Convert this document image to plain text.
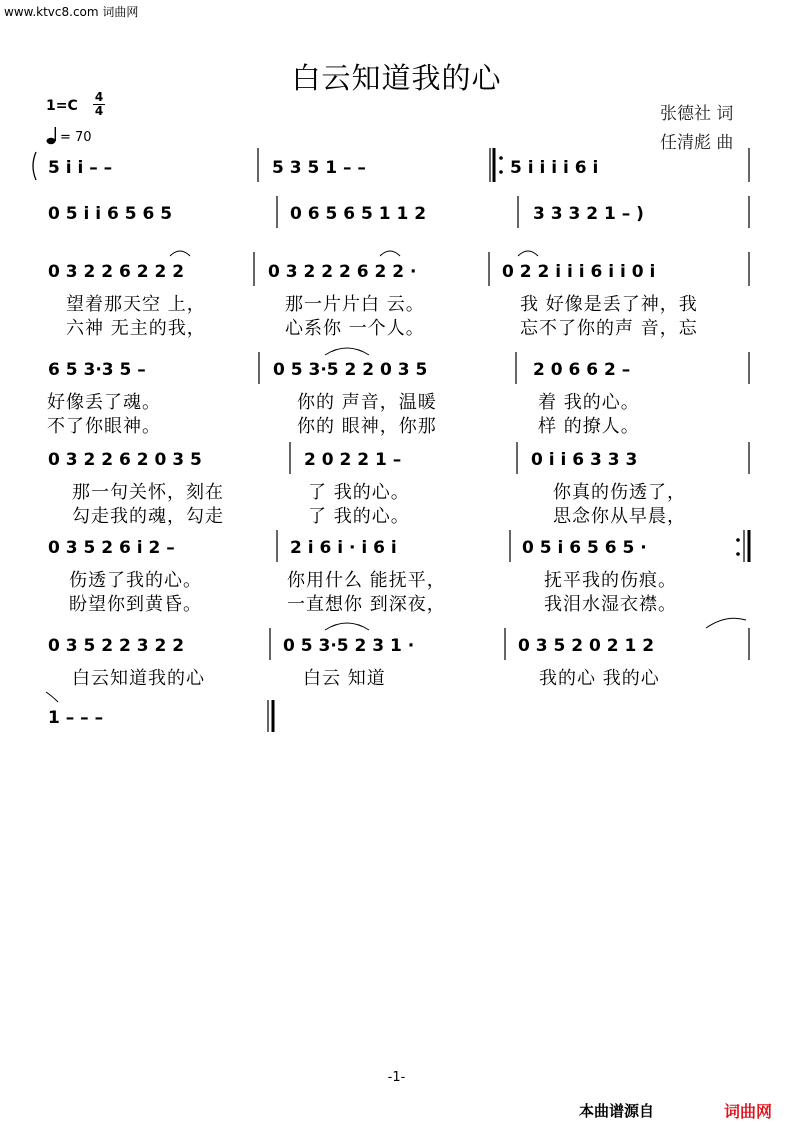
www.ktvc8.com 词曲网
白云知道我的心
1=C
4
4
= 70
张德社 词
任清彪 曲
5 i i – –	5 3 5 1 – –	5 i i i i 6 i
0 5 i i 6 5 6 5	0 6 5 6 5 1 1 2	3 3 3 2 1 – )
0 3 2 2 6 2 2 2	0 3 2 2 2 6 2 2 ·	0 2 2 i i i 6 i i 0 i
6 5 3·3 5 –	0 5 3·5 2 2 0 3 5	2 0 6 6 2 –
0 3 2 2 6 2 0 3 5	2 0 2 2 1 –	0 i i 6 3 3 3
0 3 5 2 6 i 2 –	2 i 6 i · i 6 i	0 5 i 6 5 6 5 ·
0 3 5 2 2 3 2 2	0 5 3·5 2 3 1 ·	0 3 5 2 0 2 1 2
1 – – –
望着那天空 上，	那一片片白 云。	我 好像是丢了神，我
六神 无主的我，	心系你 一个人。	忘不了你的声 音，忘
好像丢了魂。	你的 声音，温暖	着 我的心。
不了你眼神。	你的 眼神，你那	样 的撩人。
那一句关怀，刻在	了 我的心。	你真的伤透了，
勾走我的魂，勾走	了 我的心。	思念你从早晨，
伤透了我的心。	你用什么 能抚平，	抚平我的伤痕。
盼望你到黄昏。	一直想你 到深夜，	我泪水湿衣襟。
白云知道我的心	白云 知道	我的心 我的心
-1-
本曲谱源自	词曲网
